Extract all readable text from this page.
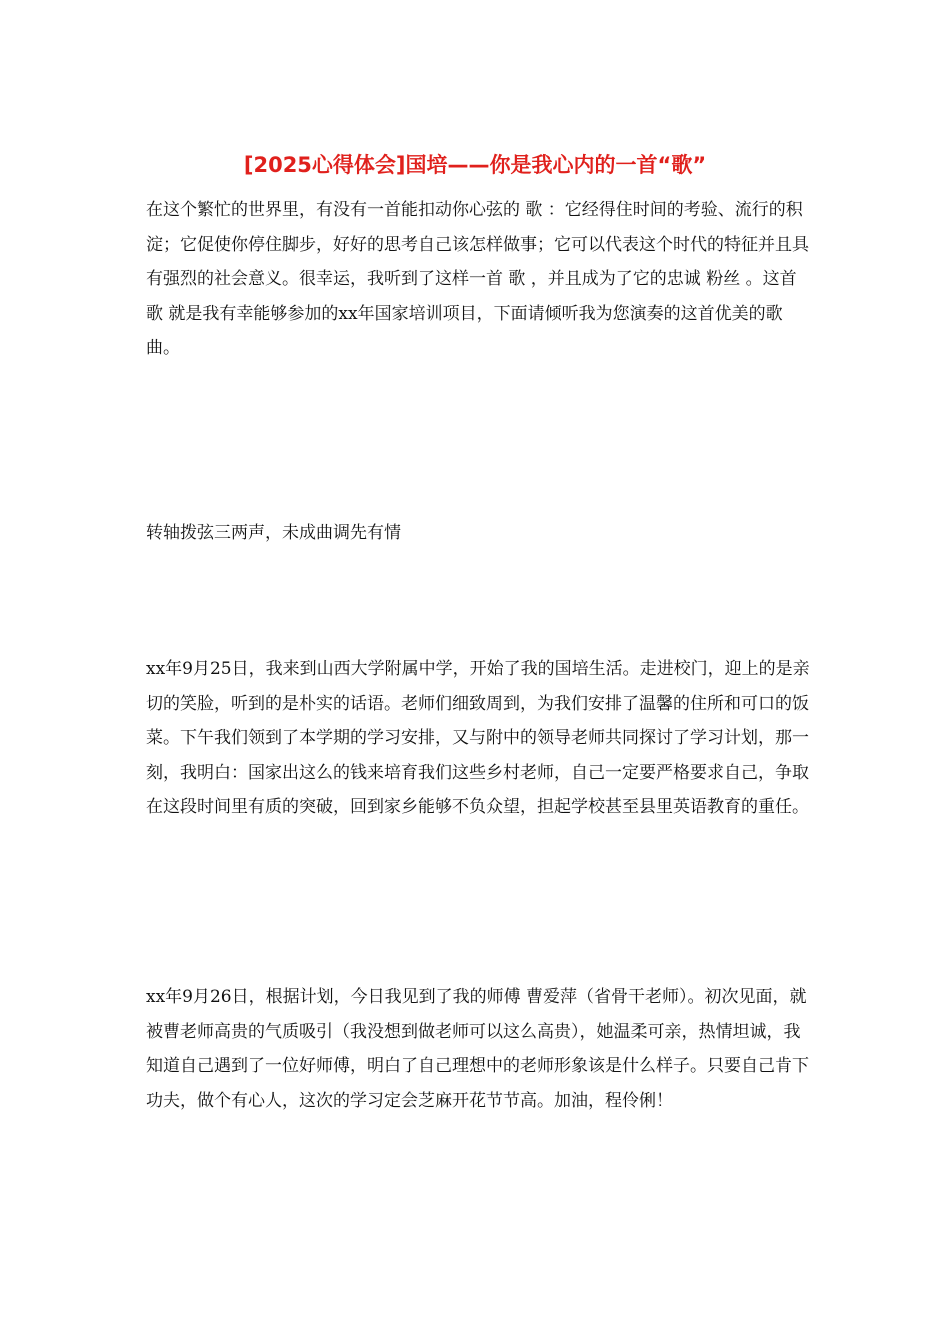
[2025心得体会]国培——你是我心内的一首“歌”

在这个繁忙的世界里，有没有一首能扣动你心弦的 歌 ：它经得住时间的考验、流行的积淀；它促使你停住脚步，好好的思考自己该怎样做事；它可以代表这个时代的特征并且具有强烈的社会意义。很幸运，我听到了这样一首 歌 ，并且成为了它的忠诚 粉丝 。这首 歌 就是我有幸能够参加的xx年国家培训项目，下面请倾听我为您演奏的这首优美的歌曲。

转轴拨弦三两声，未成曲调先有情

xx年9月25日，我来到山西大学附属中学，开始了我的国培生活。走进校门，迎上的是亲切的笑脸，听到的是朴实的话语。老师们细致周到，为我们安排了温馨的住所和可口的饭菜。下午我们领到了本学期的学习安排，又与附中的领导老师共同探讨了学习计划，那一刻，我明白：国家出这么的钱来培育我们这些乡村老师，自己一定要严格要求自己，争取在这段时间里有质的突破，回到家乡能够不负众望，担起学校甚至县里英语教育的重任。

xx年9月26日，根据计划，今日我见到了我的师傅 曹爱萍（省骨干老师）。初次见面，就被曹老师高贵的气质吸引（我没想到做老师可以这么高贵），她温柔可亲，热情坦诚，我知道自己遇到了一位好师傅，明白了自己理想中的老师形象该是什么样子。只要自己肯下功夫，做个有心人，这次的学习定会芝麻开花节节高。加油，程伶俐！
